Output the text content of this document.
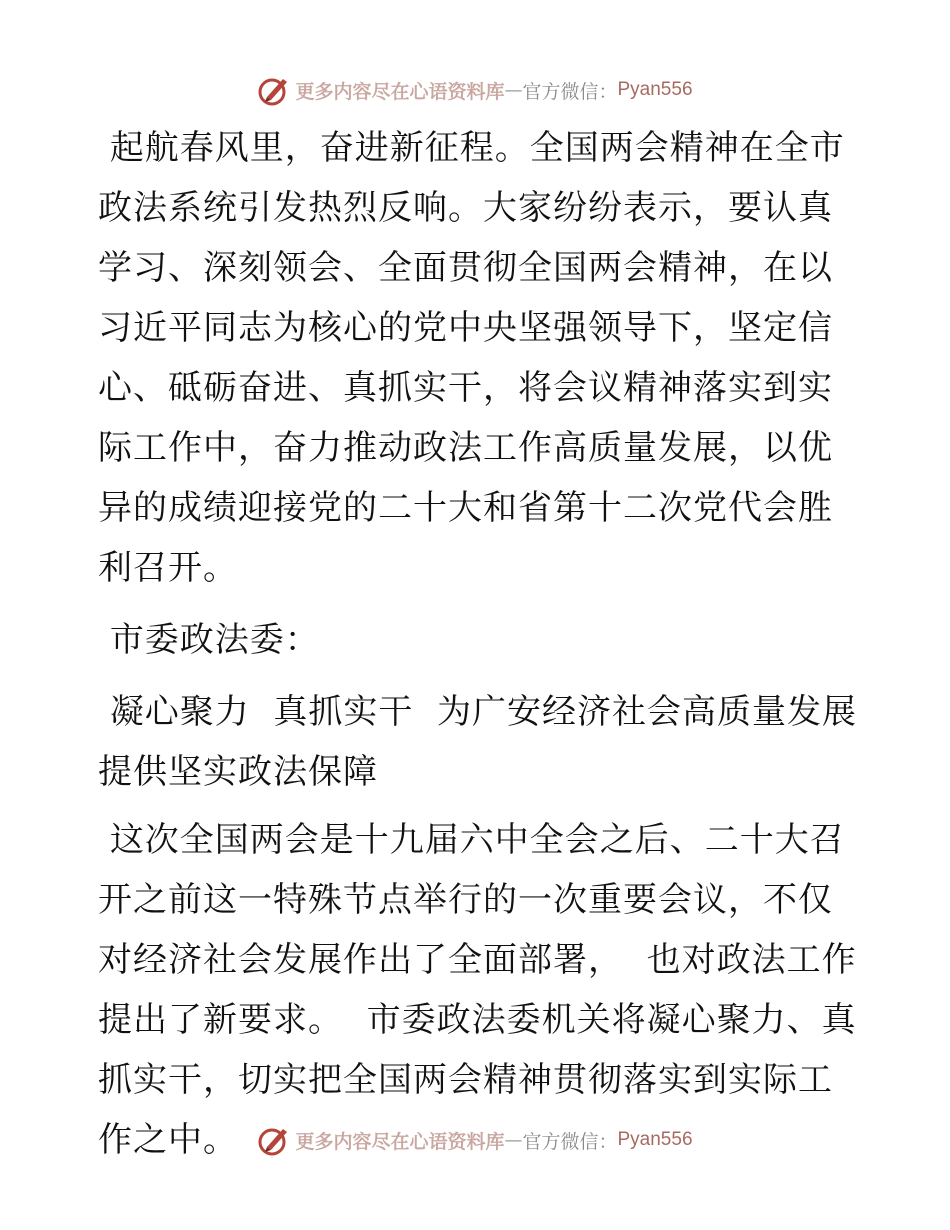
更多内容尽在心语资料库 — 官方微信： Pyan556

起航春风里，奋进新征程。全国两会精神在全市政法系统引发热烈反响。大家纷纷表示，要认真学习、深刻领会、全面贯彻全国两会精神，在以习近平同志为核心的党中央坚强领导下，坚定信心、砥砺奋进、真抓实干，将会议精神落实到实际工作中，奋力推动政法工作高质量发展，以优异的成绩迎接党的二十大和省第十二次党代会胜利召开。

市委政法委：

凝心聚力  真抓实干  为广安经济社会高质量发展提供坚实政法保障

这次全国两会是十九届六中全会之后、二十大召开之前这一特殊节点举行的一次重要会议，不仅对经济社会发展作出了全面部署，  也对政法工作提出了新要求。  市委政法委机关将凝心聚力、真抓实干，切实把全国两会精神贯彻落实到实际工作之中。	更多内容尽在心语资料库 — 官方微信： Pyan556
